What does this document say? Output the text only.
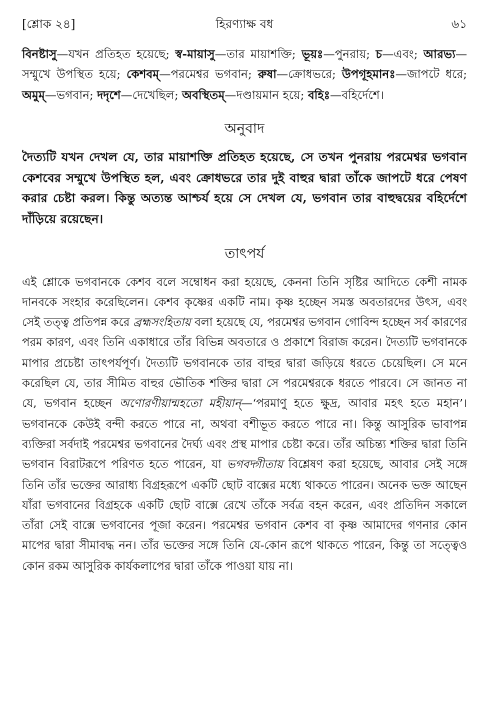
[শ্লোক ২৪]	হিরণ্যাক্ষ বধ	৬১
বিনষ্টাসু—যখন প্রতিহত হয়েছে; স্ব-মায়াসু—তার মায়াশক্তি; ভূয়ঃ—পুনরায়; চ—এবং; আরভ্য—সম্মুখে উপস্থিত হয়ে; কেশবম্—পরমেশ্বর ভগবান; রুষা—ক্রোধভরে; উপগূহমানঃ—জাপটে ধরে; অমুম্—ভগবান; দদৃশে—দেখেছিল; অবস্থিতম্—দণ্ডায়মান হয়ে; বহিঃ—বহির্দেশে।
অনুবাদ
দৈত্যটি যখন দেখল যে, তার মায়াশক্তি প্রতিহত হয়েছে, সে তখন পুনরায় পরমেশ্বর ভগবান কেশবের সম্মুখে উপস্থিত হল, এবং ক্রোধভরে তার দুই বাহুর দ্বারা তাঁকে জাপটে ধরে পেষণ করার চেষ্টা করল। কিন্তু অত্যন্ত আশ্চর্য হয়ে সে দেখল যে, ভগবান তার বাহুদ্বয়ের বহির্দেশে দাঁড়িয়ে রয়েছেন।
তাৎপর্য
এই শ্লোকে ভগবানকে কেশব বলে সম্বোধন করা হয়েছে, কেননা তিনি সৃষ্টির আদিতে কেশী নামক দানবকে সংহার করেছিলেন। কেশব কৃষ্ণের একটি নাম। কৃষ্ণ হচ্ছেন সমস্ত অবতারদের উৎস, এবং সেই তত্ত্ব প্রতিপন্ন করে ব্রহ্মসংহিতায় বলা হয়েছে যে, পরমেশ্বর ভগবান গোবিন্দ হচ্ছেন সর্ব কারণের পরম কারণ, এবং তিনি একাধারে তাঁর বিভিন্ন অবতারে ও প্রকাশে বিরাজ করেন। দৈত্যটি ভগবানকে মাপার প্রচেষ্টা তাৎপর্যপূর্ণ। দৈত্যটি ভগবানকে তার বাহুর দ্বারা জড়িয়ে ধরতে চেয়েছিল। সে মনে করেছিল যে, তার সীমিত বাহুর ভৌতিক শক্তির দ্বারা সে পরমেশ্বরকে ধরতে পারবে। সে জানত না যে, ভগবান হচ্ছেন অণোরণীয়ান্মহতো মহীয়ান্—‘পরমাণু হতে ক্ষুদ্র, আবার মহৎ হতে মহান’। ভগবানকে কেউই বন্দী করতে পারে না, অথবা বশীভূত করতে পারে না। কিন্তু আসুরিক ভাবাপন্ন ব্যক্তিরা সর্বদাই পরমেশ্বর ভগবানের দৈর্ঘ্য এবং প্রস্থ মাপার চেষ্টা করে। তাঁর অচিন্ত্য শক্তির দ্বারা তিনি ভগবান বিরাটরূপে পরিণত হতে পারেন, যা ভগবদ্গীতায় বিশ্লেষণ করা হয়েছে, আবার সেই সঙ্গে তিনি তাঁর ভক্তের আরাধ্য বিগ্রহরূপে একটি ছোট বাক্সের মধ্যে থাকতে পারেন। অনেক ভক্ত আছেন যাঁরা ভগবানের বিগ্রহকে একটি ছোট বাক্সে রেখে তাঁকে সর্বত্র বহন করেন, এবং প্রতিদিন সকালে তাঁরা সেই বাক্সে ভগবানের পূজা করেন। পরমেশ্বর ভগবান কেশব বা কৃষ্ণ আমাদের গণনার কোন মাপের দ্বারা সীমাবদ্ধ নন। তাঁর ভক্তের সঙ্গে তিনি যে-কোন রূপে থাকতে পারেন, কিন্তু তা সত্ত্বেও কোন রকম আসুরিক কার্যকলাপের দ্বারা তাঁকে পাওয়া যায় না।
